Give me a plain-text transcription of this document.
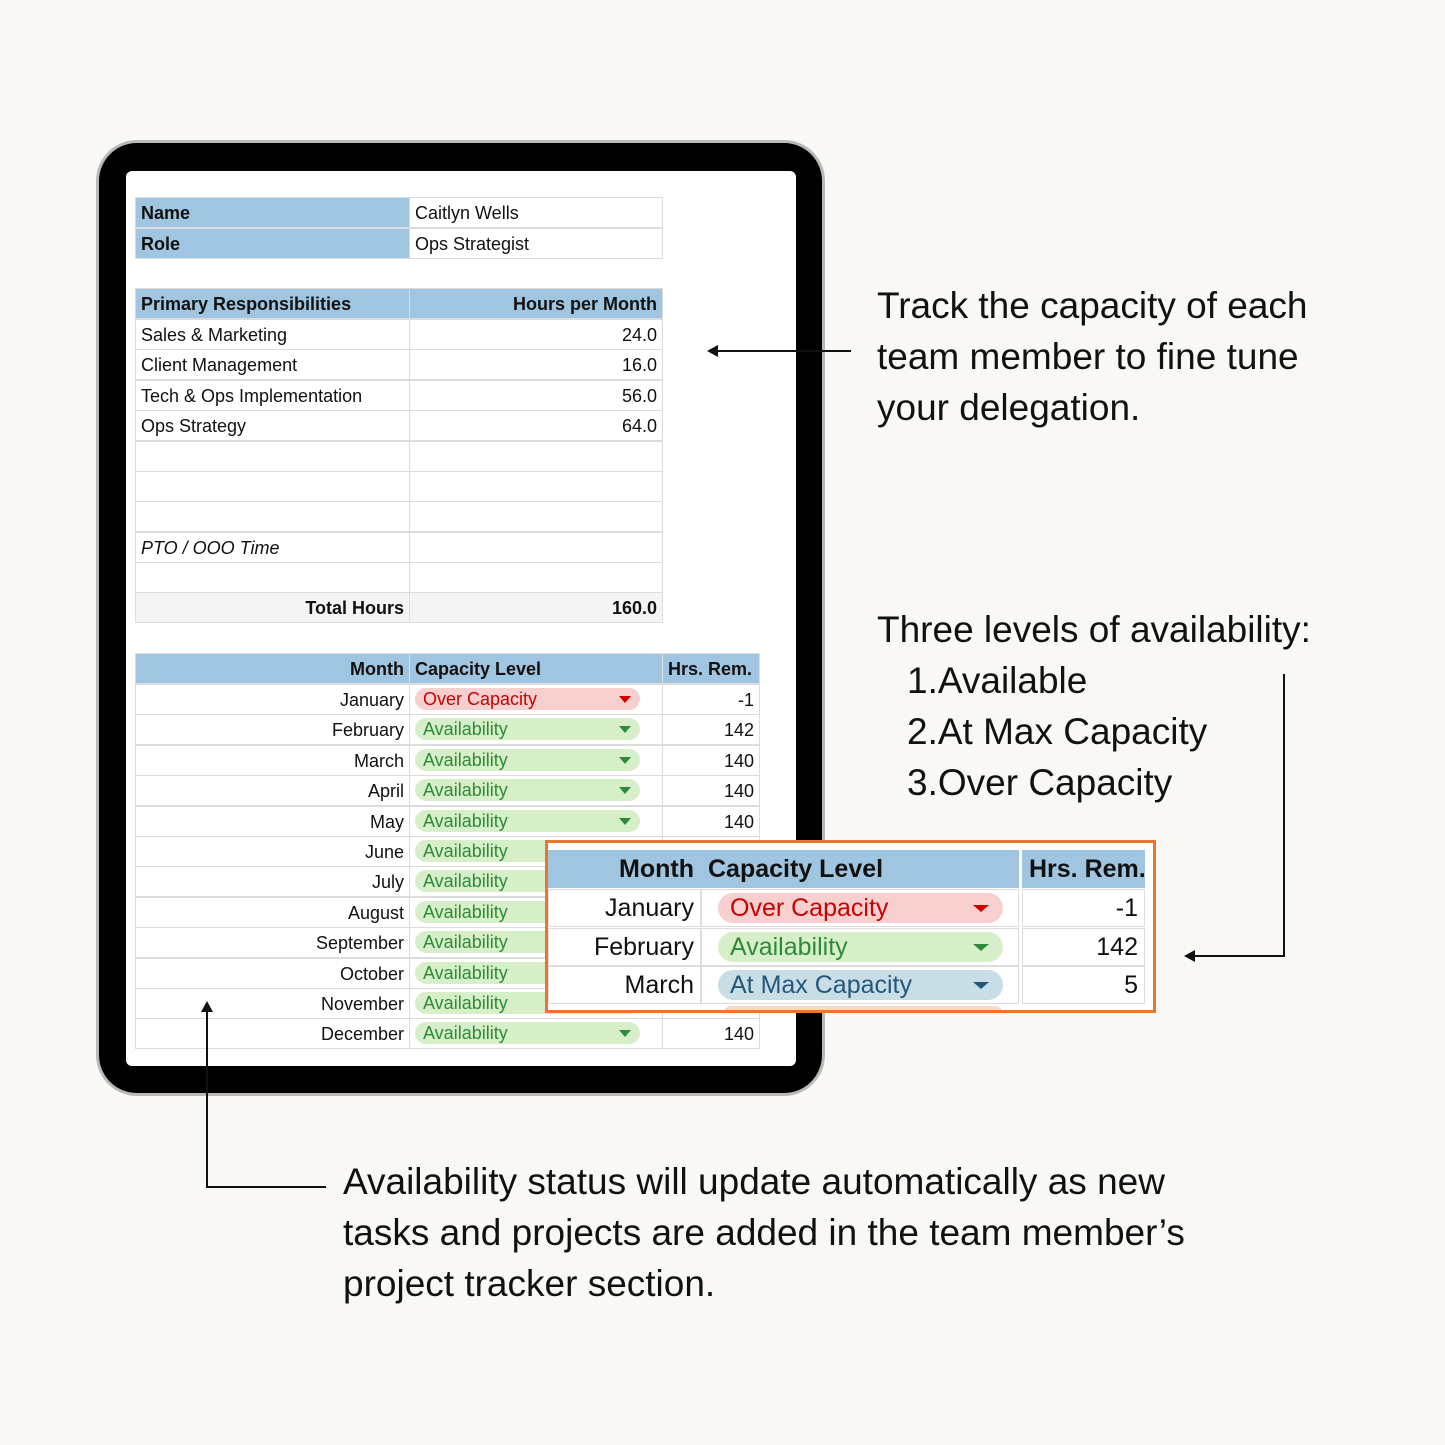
Name	Caitlyn Wells
Role	Ops Strategist
Primary Responsibilities	Hours per Month
Sales & Marketing	24.0
Client Management	16.0
Tech & Ops Implementation	56.0
Ops Strategy	64.0
PTO / OOO Time
Total Hours	160.0
Month Capacity Level	Hrs. Rem.
January	Over Capacity	-1
February	Availability	142
March	Availability	140
April	Availability	140
May	Availability	140
June	Availability
July	Availability
August	Availability
September	Availability
October	Availability
November	Availability
December	Availability	140
Month Capacity Level	Hrs. Rem.
January	Over Capacity	-1
February	Availability	142
March	At Max Capacity	5
Track the capacity of each
team member to fine tune
your delegation.
Three levels of availability:
1.Available
2.At Max Capacity
3.Over Capacity
Availability status will update automatically as new
tasks and projects are added in the team member’s
project tracker section.
